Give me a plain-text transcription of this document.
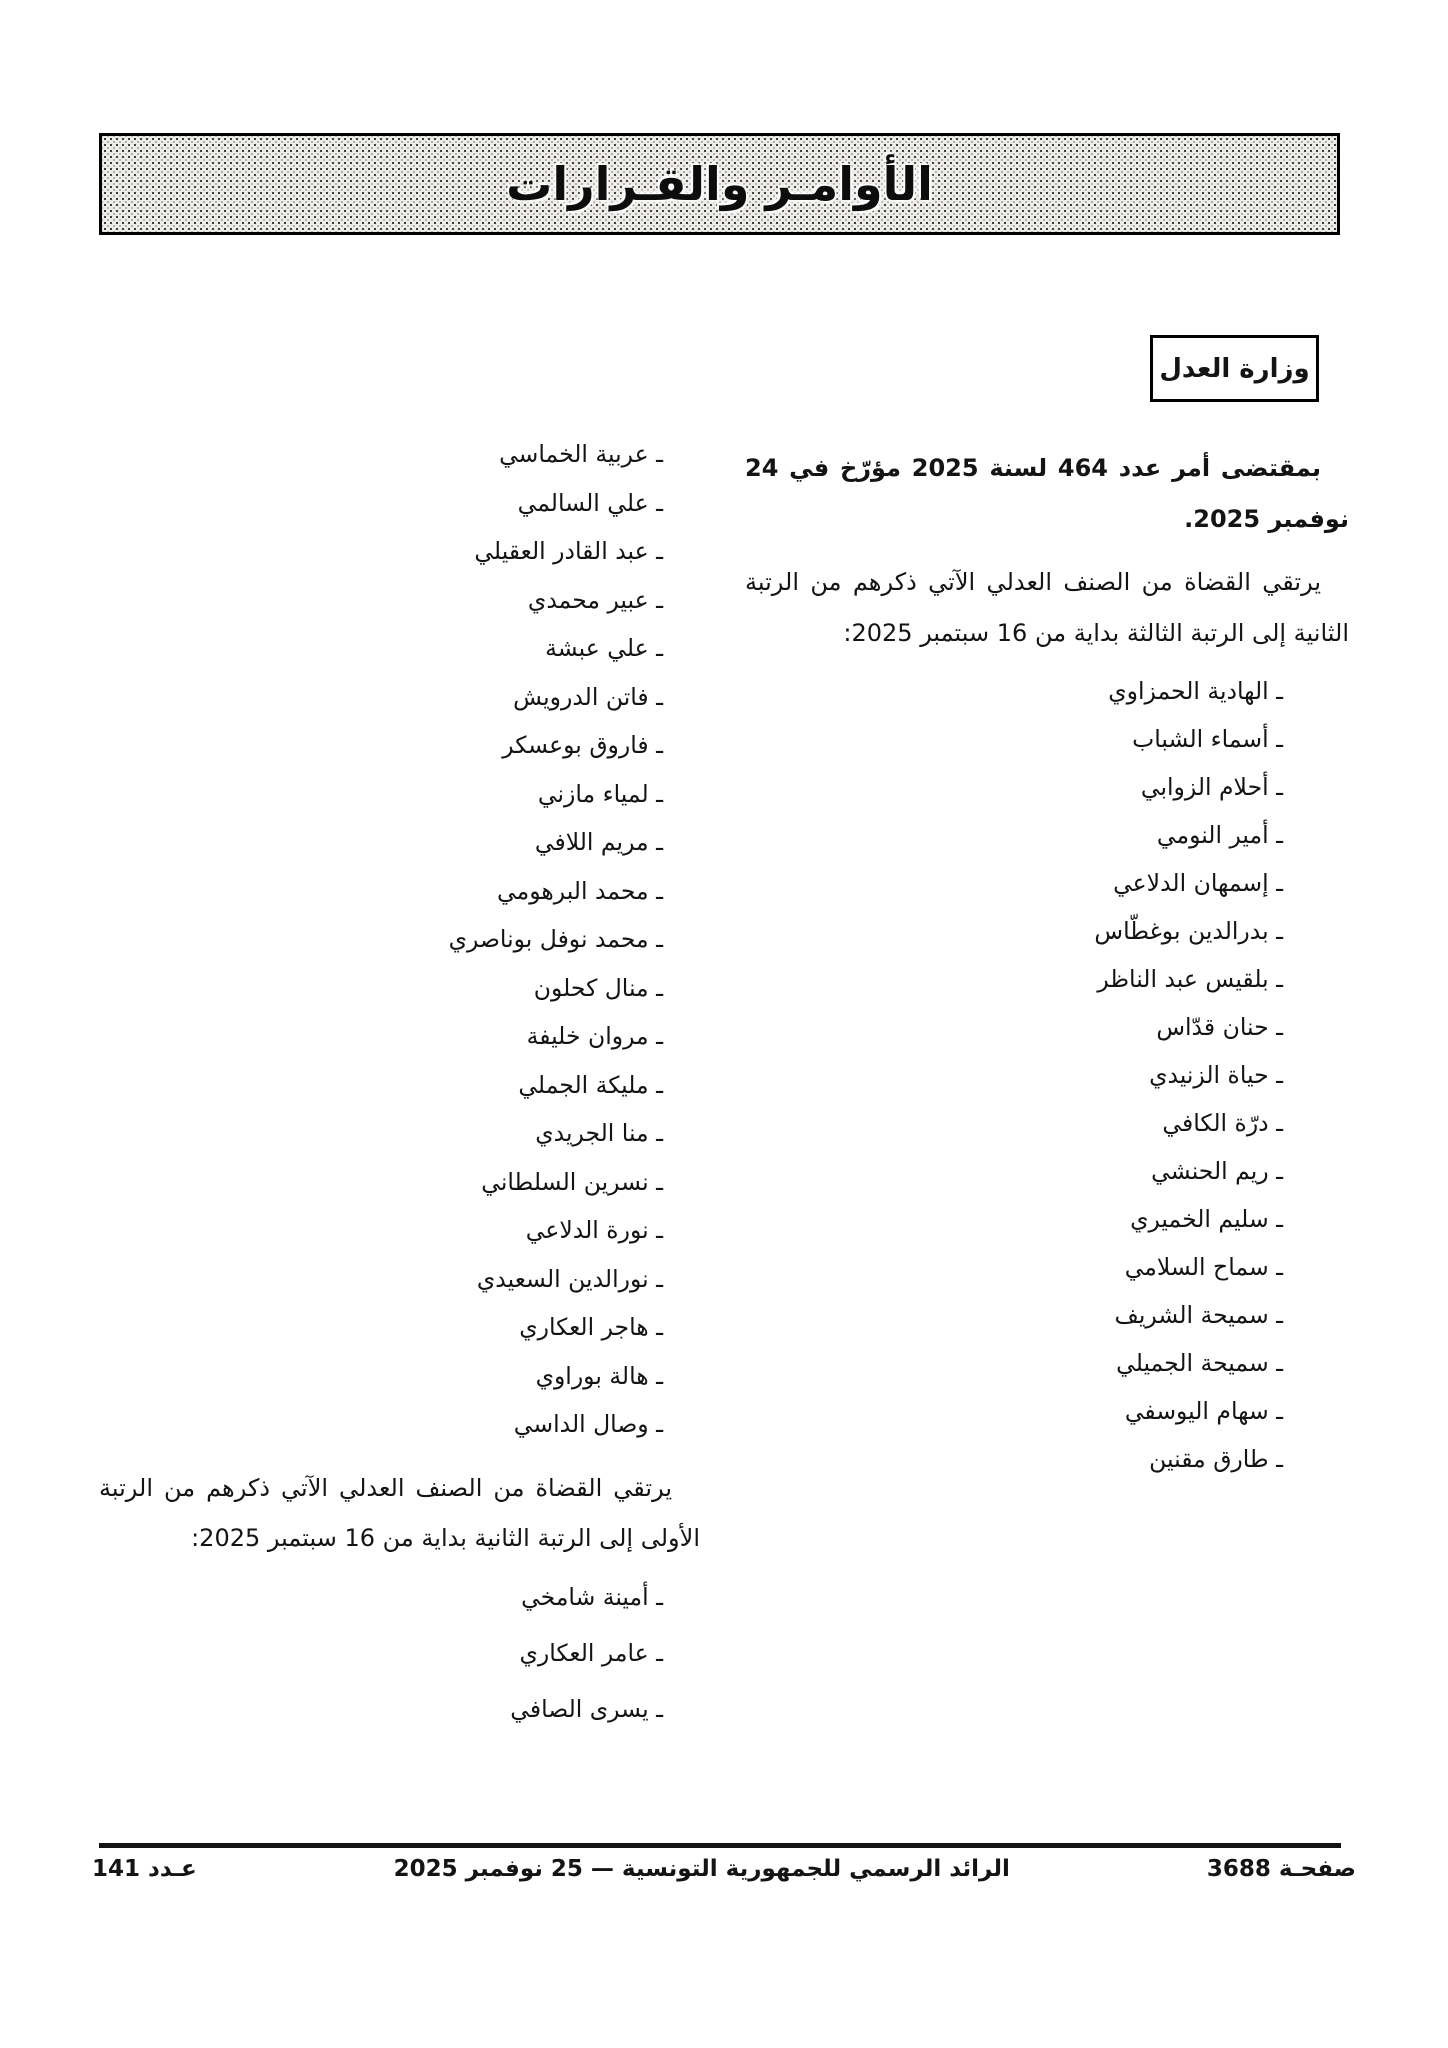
الأوامـر والقـرارات
وزارة العدل

بمقتضى أمر عدد 464 لسنة 2025 مؤرّخ في 24 نوفمبر 2025.

يرتقي القضاة من الصنف العدلي الآتي ذكرهم من الرتبة الثانية إلى الرتبة الثالثة بداية من 16 سبتمبر 2025:

ـ الهادية الحمزاوي
ـ أسماء الشباب
ـ أحلام الزوابي
ـ أمير النومي
ـ إسمهان الدلاعي
ـ بدرالدين بوغطّاس
ـ بلقيس عبد الناظر
ـ حنان قدّاس
ـ حياة الزنيدي
ـ درّة الكافي
ـ ريم الحنشي
ـ سليم الخميري
ـ سماح السلامي
ـ سميحة الشريف
ـ سميحة الجميلي
ـ سهام اليوسفي
ـ طارق مقنين
ـ عربية الخماسي
ـ علي السالمي
ـ عبد القادر العقيلي
ـ عبير محمدي
ـ علي عبشة
ـ فاتن الدرويش
ـ فاروق بوعسكر
ـ لمياء مازني
ـ مريم اللافي
ـ محمد البرهومي
ـ محمد نوفل بوناصري
ـ منال كحلون
ـ مروان خليفة
ـ مليكة الجملي
ـ منا الجريدي
ـ نسرين السلطاني
ـ نورة الدلاعي
ـ نورالدين السعيدي
ـ هاجر العكاري
ـ هالة بوراوي
ـ وصال الداسي

يرتقي القضاة من الصنف العدلي الآتي ذكرهم من الرتبة الأولى إلى الرتبة الثانية بداية من 16 سبتمبر 2025:

ـ أمينة شامخي
ـ عامر العكاري
ـ يسرى الصافي
صفحـة 3688
الرائد الرسمي للجمهورية التونسية — 25 نوفمبر 2025
عـدد 141
